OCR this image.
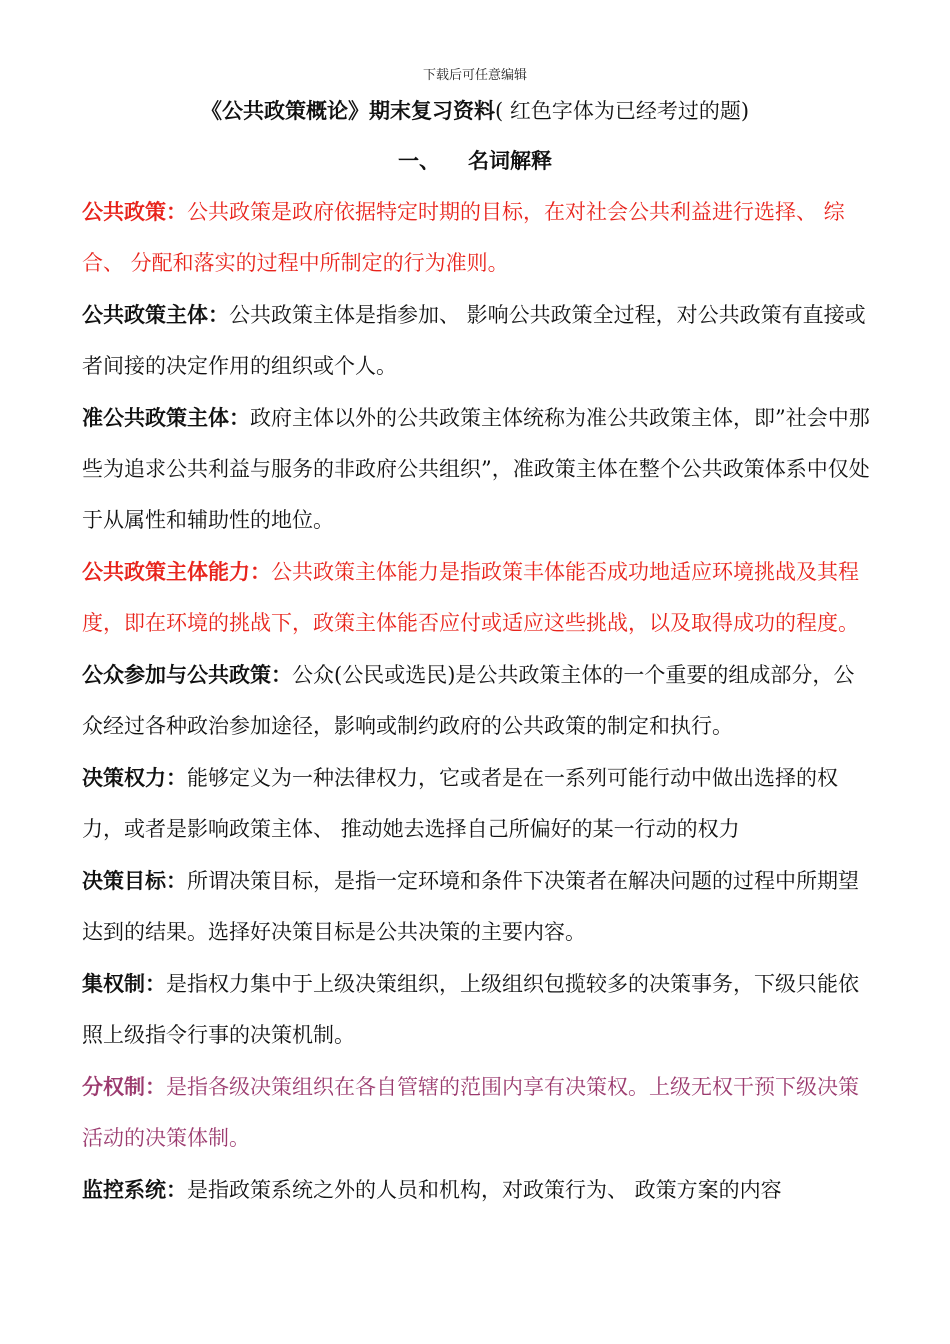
下载后可任意编辑
《公共政策概论》期末复习资料( 红色字体为已经考过的题)
一、 名词解释

公共政策：公共政策是政府依据特定时期的目标，在对社会公共利益进行选择、 综合、 分配和落实的过程中所制定的行为准则。

公共政策主体：公共政策主体是指参加、 影响公共政策全过程，对公共政策有直接或者间接的决定作用的组织或个人。

准公共政策主体：政府主体以外的公共政策主体统称为准公共政策主体，即”社会中那些为追求公共利益与服务的非政府公共组织”，准政策主体在整个公共政策体系中仅处于从属性和辅助性的地位。

公共政策主体能力：公共政策主体能力是指政策丰体能否成功地适应环境挑战及其程度，即在环境的挑战下，政策主体能否应付或适应这些挑战，以及取得成功的程度。

公众参加与公共政策：公众(公民或选民)是公共政策主体的一个重要的组成部分，公众经过各种政治参加途径，影响或制约政府的公共政策的制定和执行。

决策权力：能够定义为一种法律权力，它或者是在一系列可能行动中做出选择的权力，或者是影响政策主体、 推动她去选择自己所偏好的某一行动的权力

决策目标：所谓决策目标，是指一定环境和条件下决策者在解决问题的过程中所期望达到的结果。选择好决策目标是公共决策的主要内容。

集权制：是指权力集中于上级决策组织，上级组织包揽较多的决策事务，下级只能依照上级指令行事的决策机制。

分权制：是指各级决策组织在各自管辖的范围内享有决策权。上级无权干预下级决策活动的决策体制。

监控系统：是指政策系统之外的人员和机构，对政策行为、 政策方案的内容
